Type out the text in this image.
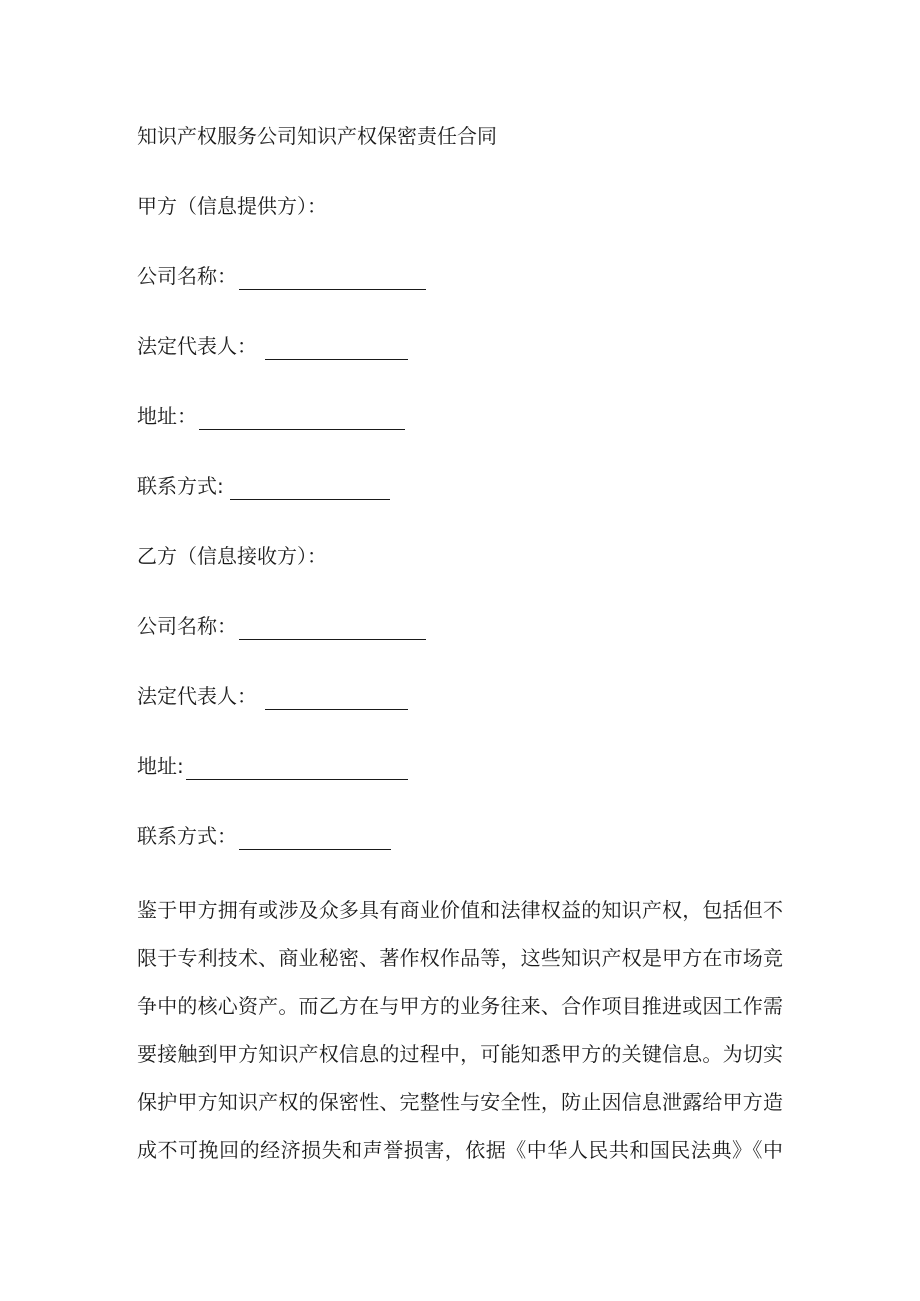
知识产权服务公司知识产权保密责任合同
甲方（信息提供方）：
公司名称：
法定代表人：
地址：
联系方式:
乙方（信息接收方）：
公司名称：
法定代表人：
地址:
联系方式：
鉴于甲方拥有或涉及众多具有商业价值和法律权益的知识产权，包括但不
限于专利技术、商业秘密、著作权作品等，这些知识产权是甲方在市场竞
争中的核心资产。而乙方在与甲方的业务往来、合作项目推进或因工作需
要接触到甲方知识产权信息的过程中，可能知悉甲方的关键信息。为切实
保护甲方知识产权的保密性、完整性与安全性，防止因信息泄露给甲方造
成不可挽回的经济损失和声誉损害，依据《中华人民共和国民法典》《中
